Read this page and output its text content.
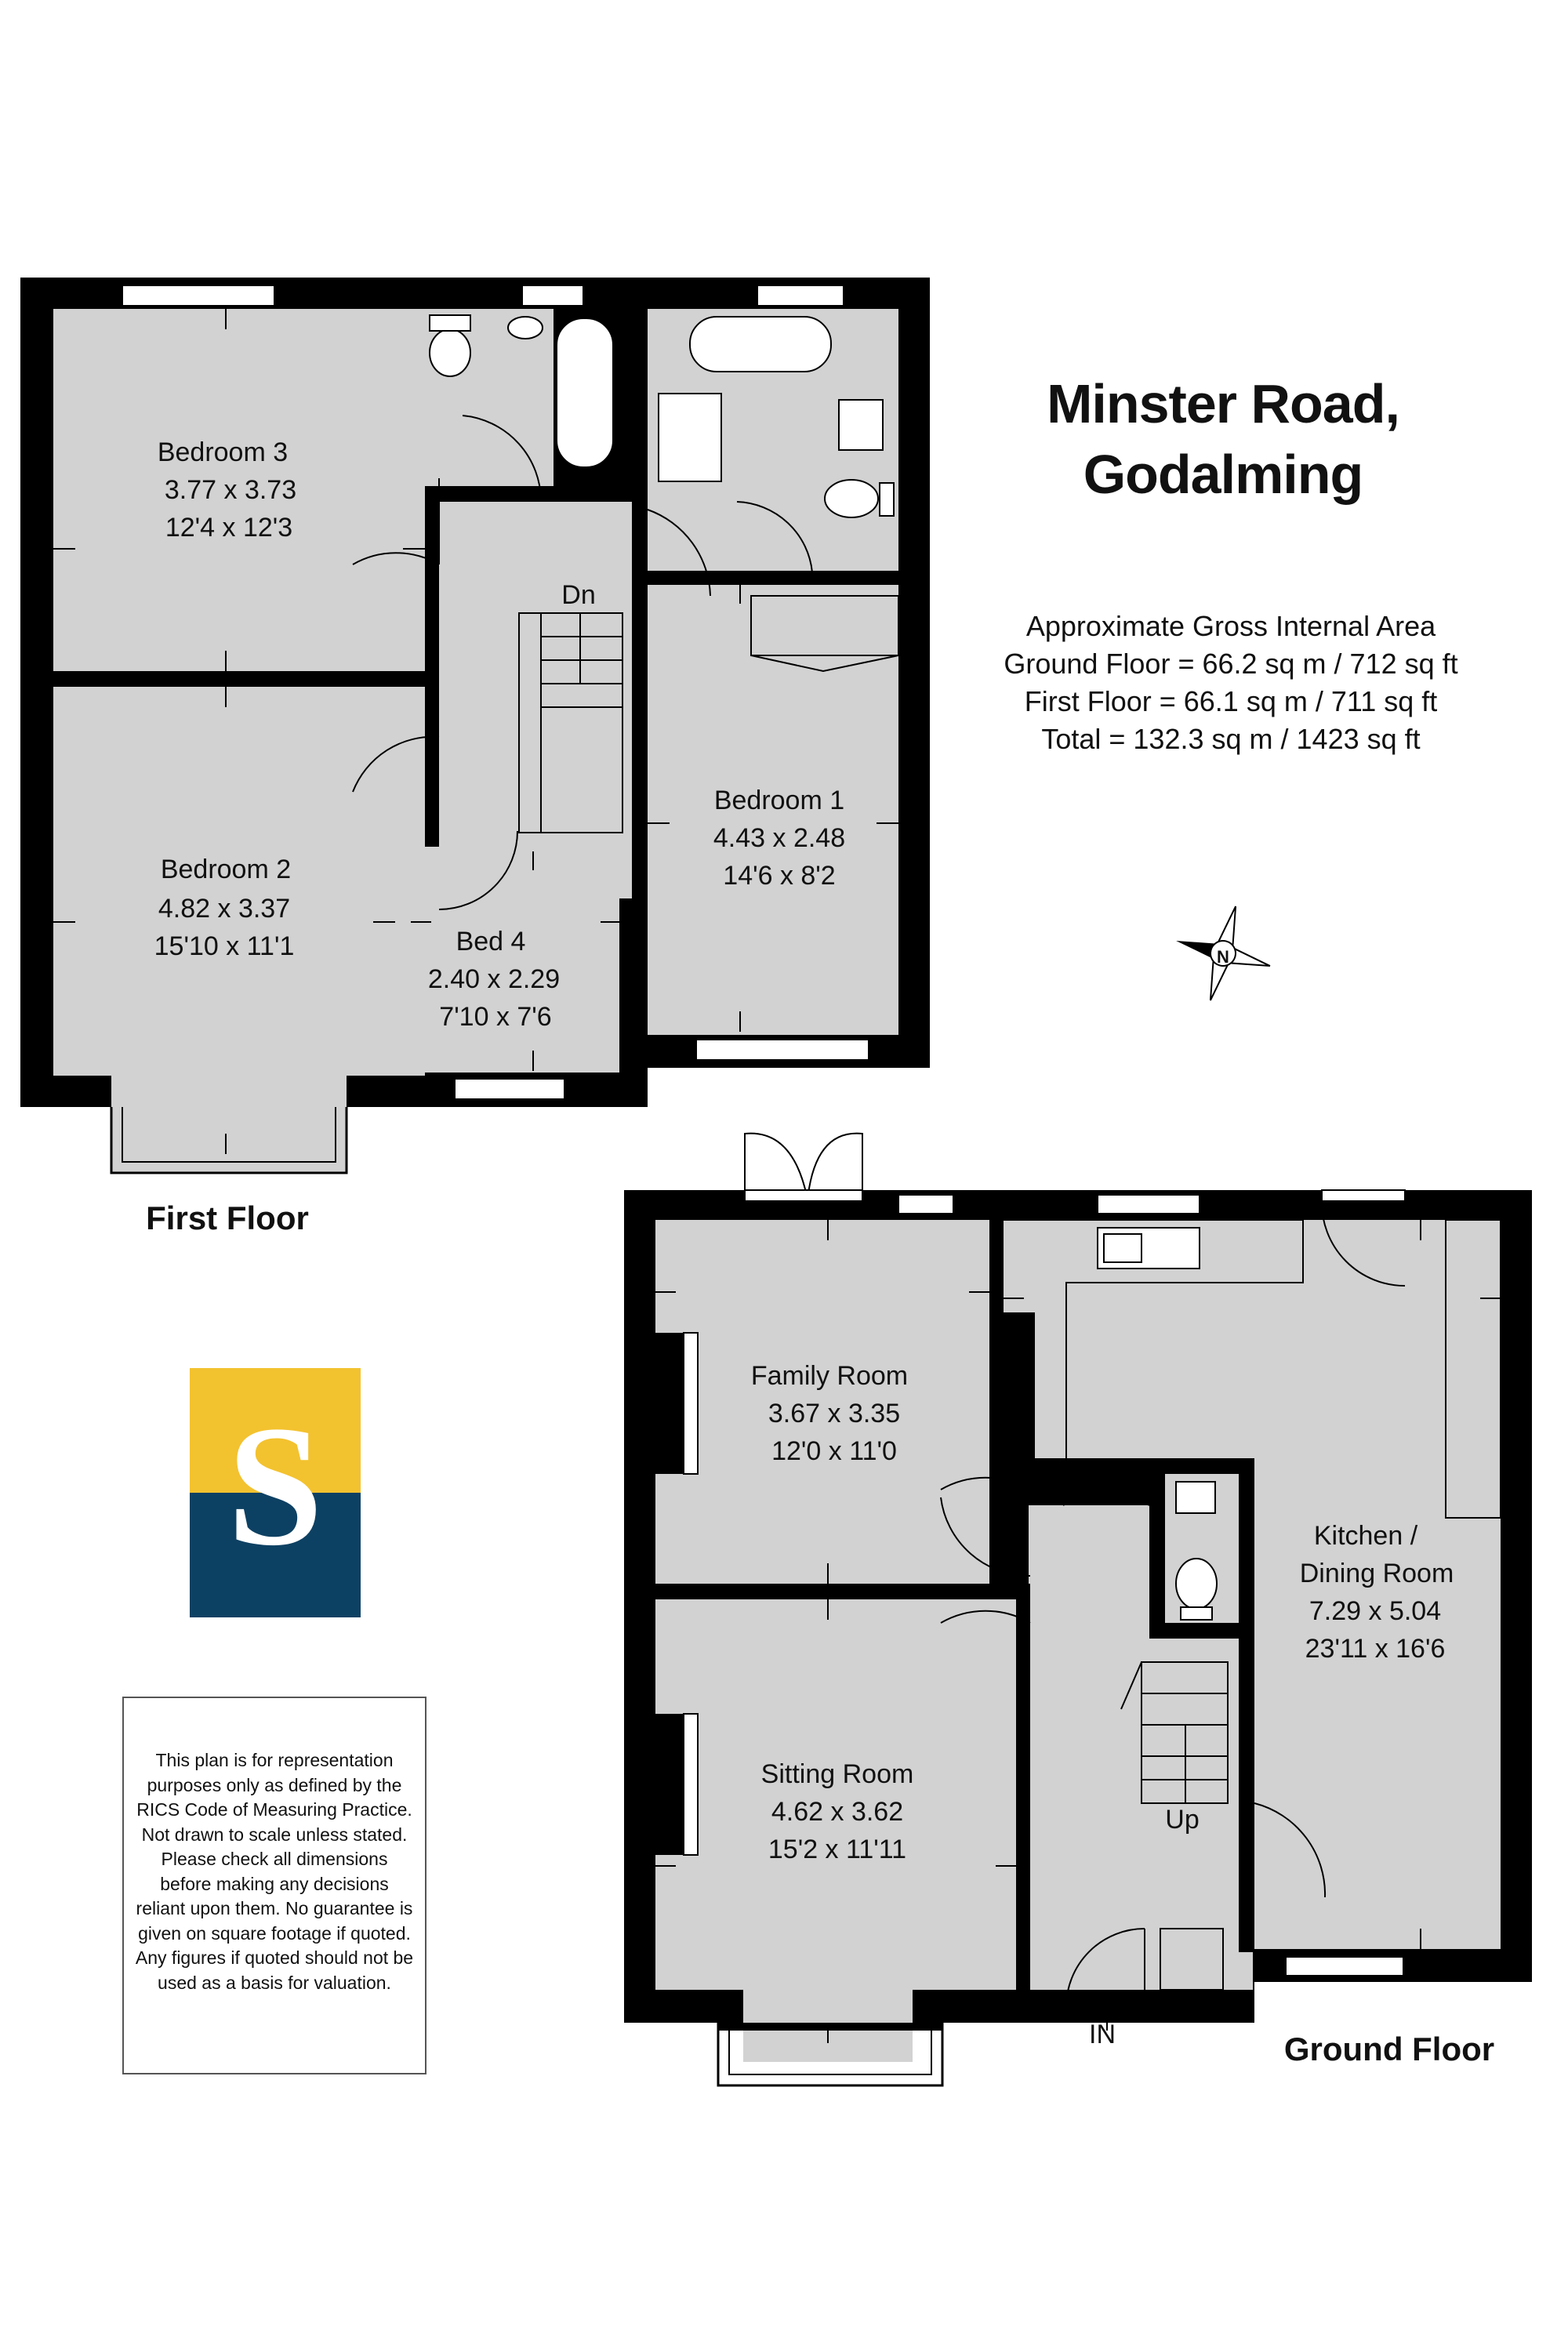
N
Bedroom 3
3.77 x 3.73
12'4 x 12'3
Bedroom 2
4.82 x 3.37
15'10 x 11'1	Bed 4
2.40 x 2.29
7'10 x 7'6
Bedroom 1
4.43 x 2.48
14'6 x 8'2
Dn
Family Room
3.67 x 3.35
12'0 x 11'0
Sitting Room
4.62 x 3.62
15'2 x 11'11
Kitchen /
Dining Room
7.29 x 5.04
23'11 x 16'6
Up
IN
First Floor
Ground Floor
Minster Road,
Godalming
Approximate Gross Internal Area
Ground Floor = 66.2 sq m / 712 sq ft
First Floor = 66.1 sq m / 711 sq ft
Total = 132.3 sq m / 1423 sq ft
S
This plan is for representation purposes only as defined by the RICS Code of Measuring Practice. Not drawn to scale unless stated. Please check all dimensions before making any decisions reliant upon them. No guarantee is given on square footage if quoted. Any figures if quoted should not be used as a basis for valuation.
